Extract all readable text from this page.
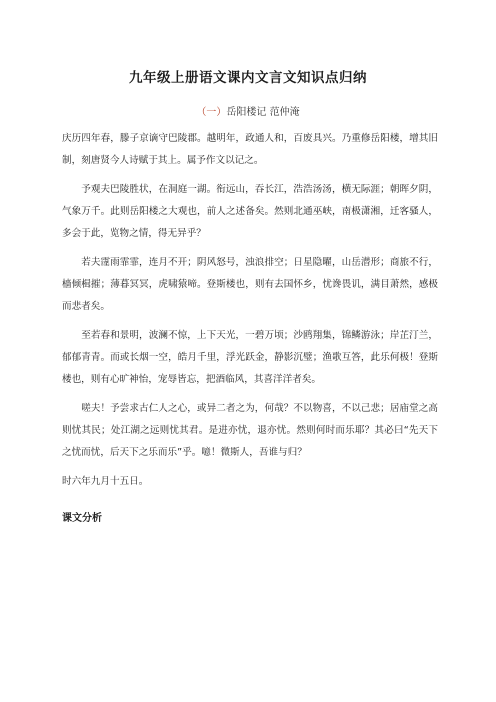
九年级上册语文课内文言文知识点归纳
（一）岳阳楼记 范仲淹

庆历四年春，滕子京谪守巴陵郡。越明年，政通人和，百废具兴。乃重修岳阳楼，增其旧制，刻唐贤今人诗赋于其上。属予作文以记之。

予观夫巴陵胜状，在洞庭一湖。衔远山，吞长江，浩浩汤汤，横无际涯；朝晖夕阴，气象万千。此则岳阳楼之大观也，前人之述备矣。然则北通巫峡，南极潇湘，迁客骚人，多会于此，览物之情，得无异乎？

若夫霪雨霏霏，连月不开；阴风怒号，浊浪排空；日星隐曜，山岳潜形；商旅不行，樯倾楫摧；薄暮冥冥，虎啸猿啼。登斯楼也，则有去国怀乡，忧谗畏讥，满目萧然，感极而悲者矣。

至若春和景明，波澜不惊，上下天光，一碧万顷；沙鸥翔集，锦鳞游泳；岸芷汀兰，郁郁青青。而或长烟一空，皓月千里，浮光跃金，静影沉璧；渔歌互答，此乐何极！登斯楼也，则有心旷神怡，宠辱皆忘，把酒临风，其喜洋洋者矣。

嗟夫！予尝求古仁人之心，或异二者之为，何哉？不以物喜，不以己悲；居庙堂之高则忧其民；处江湖之远则忧其君。是进亦忧，退亦忧。然则何时而乐耶？其必曰“先天下之忧而忧，后天下之乐而乐”乎。噫！微斯人，吾谁与归？

时六年九月十五日。

课文分析
